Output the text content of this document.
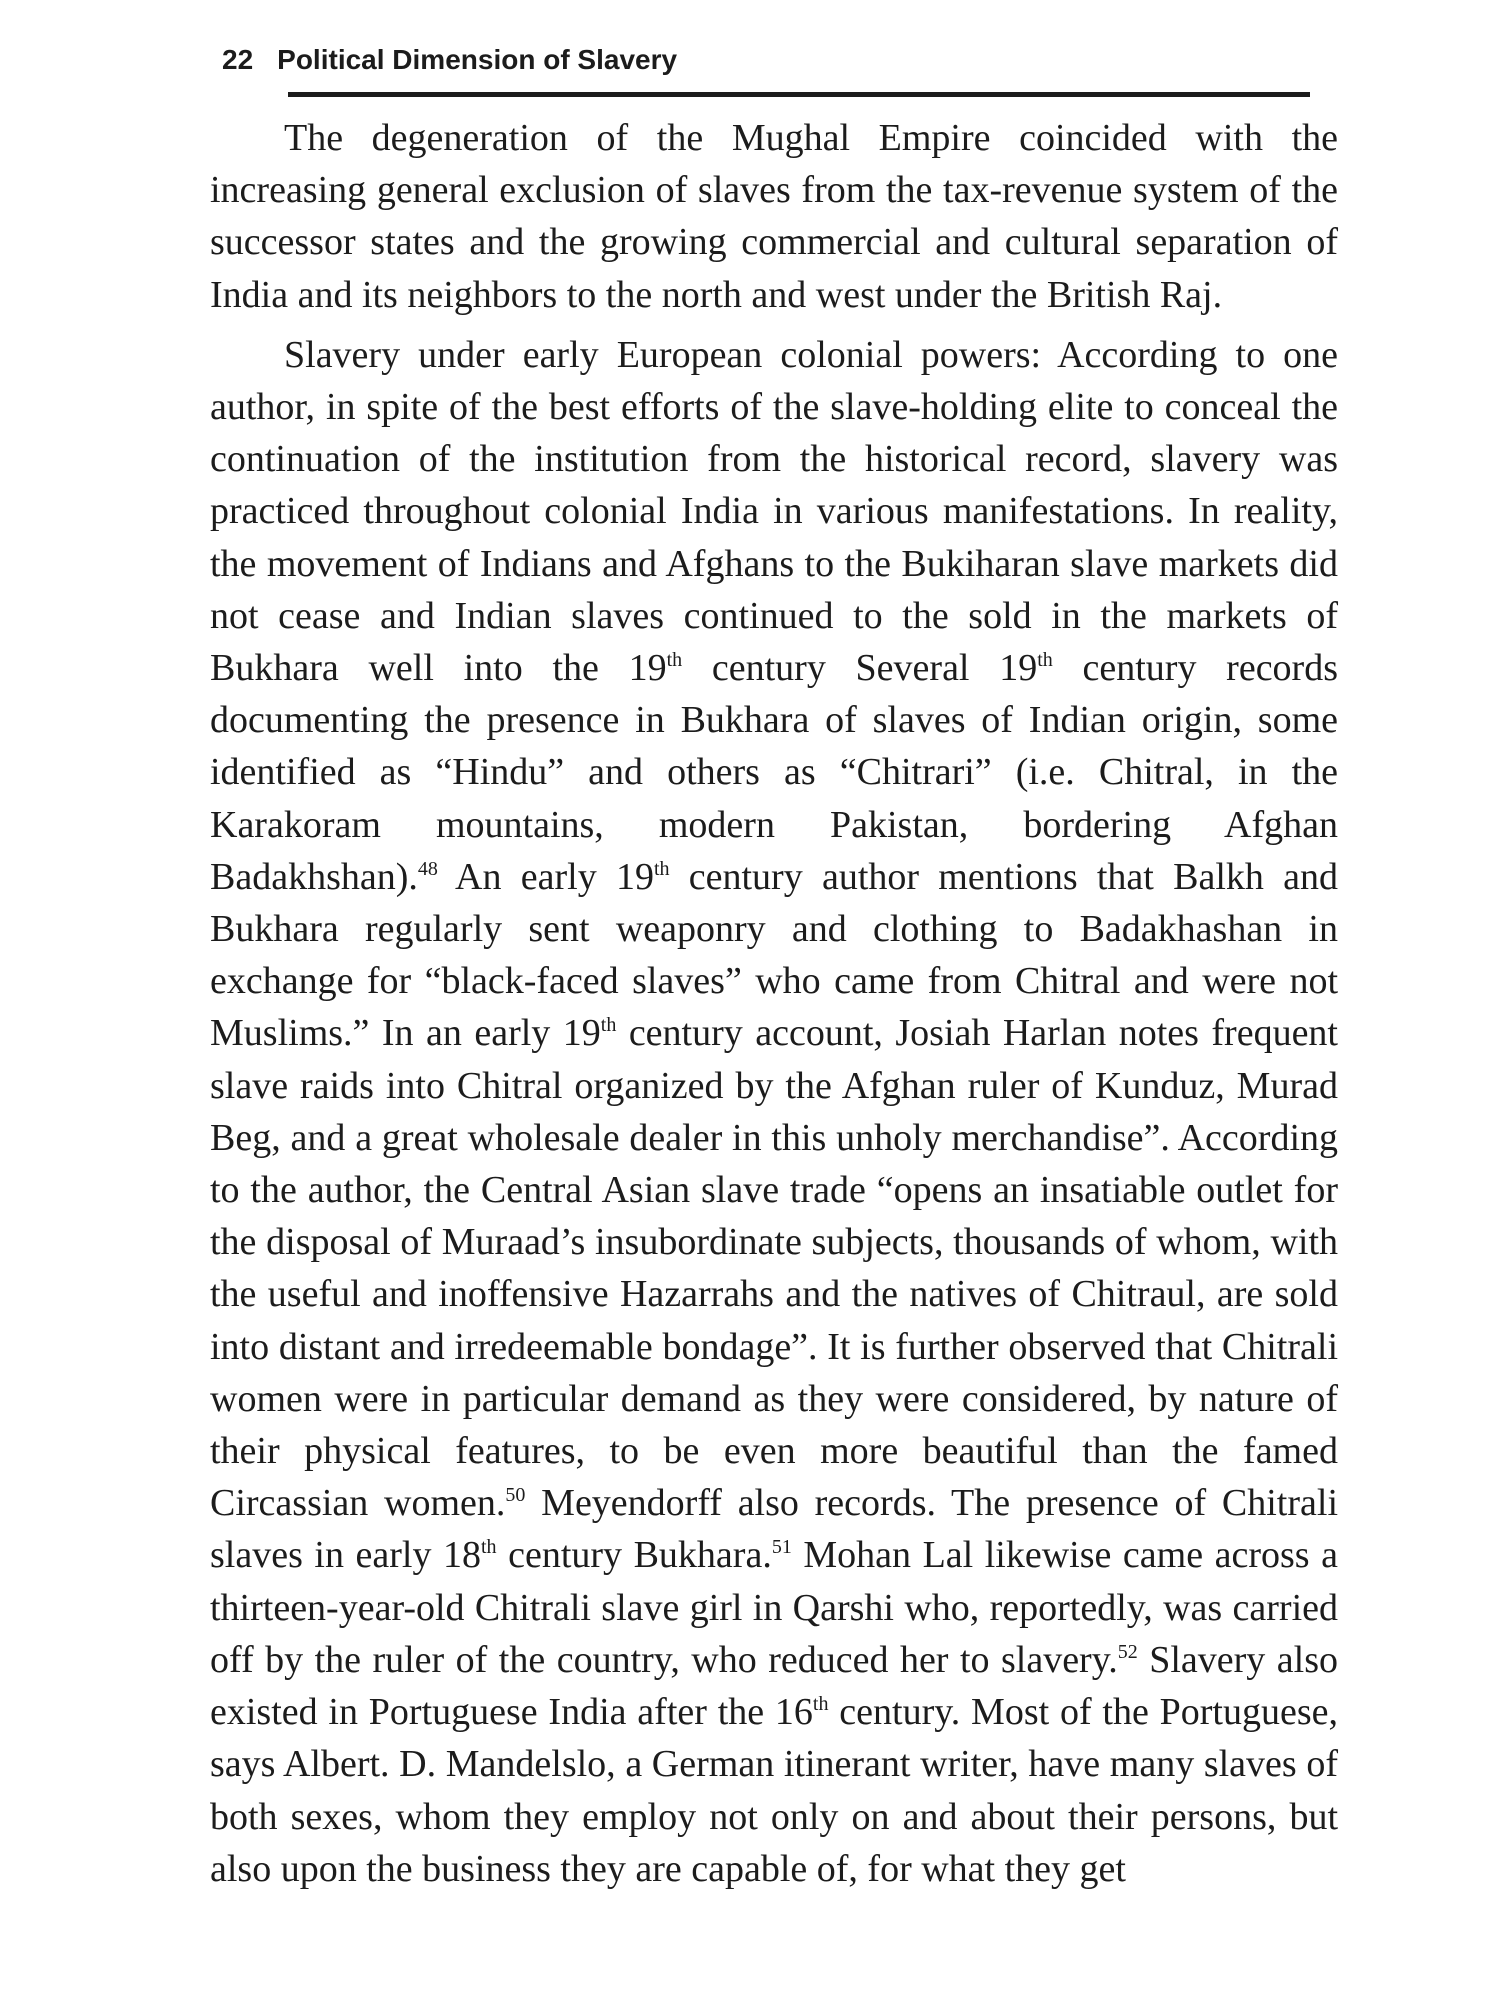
22 Political Dimension of Slavery

The degeneration of the Mughal Empire coincided with the increasing general exclusion of slaves from the tax-revenue system of the successor states and the growing commercial and cultural separation of India and its neighbors to the north and west under the British Raj.

Slavery under early European colonial powers: According to one author, in spite of the best efforts of the slave-holding elite to conceal the continuation of the institution from the historical record, slavery was practiced throughout colonial India in various manifestations. In reality, the movement of Indians and Afghans to the Bukiharan slave markets did not cease and Indian slaves continued to the sold in the markets of Bukhara well into the 19th century Several 19th century records documenting the presence in Bukhara of slaves of Indian origin, some identified as “Hindu” and others as “Chitrari” (i.e. Chitral, in the Karakoram mountains, modern Pakistan, bordering Afghan Badakhshan).$^{48}$ An early 19th century author mentions that Balkh and Bukhara regularly sent weaponry and clothing to Badakhashan in exchange for “black-faced slaves” who came from Chitral and were not Muslims.” In an early 19th century account, Josiah Harlan notes frequent slave raids into Chitral organized by the Afghan ruler of Kunduz, Murad Beg, and a great wholesale dealer in this unholy merchandise”. According to the author, the Central Asian slave trade “opens an insatiable outlet for the disposal of Muraad’s insubordinate subjects, thousands of whom, with the useful and inoffensive Hazarrahs and the natives of Chitraul, are sold into distant and irredeemable bondage”. It is further observed that Chitrali women were in particular demand as they were considered, by nature of their physical features, to be even more beautiful than the famed Circassian women.$^{50}$ Meyendorff also records. The presence of Chitrali slaves in early 18th century Bukhara.$^{51}$ Mohan Lal likewise came across a thirteen-year-old Chitrali slave girl in Qarshi who, reportedly, was carried off by the ruler of the country, who reduced her to slavery.$^{52}$ Slavery also existed in Portuguese India after the 16th century. Most of the Portuguese, says Albert. D. Mandelslo, a German itinerant writer, have many slaves of both sexes, whom they employ not only on and about their persons, but also upon the business they are capable of, for what they get
